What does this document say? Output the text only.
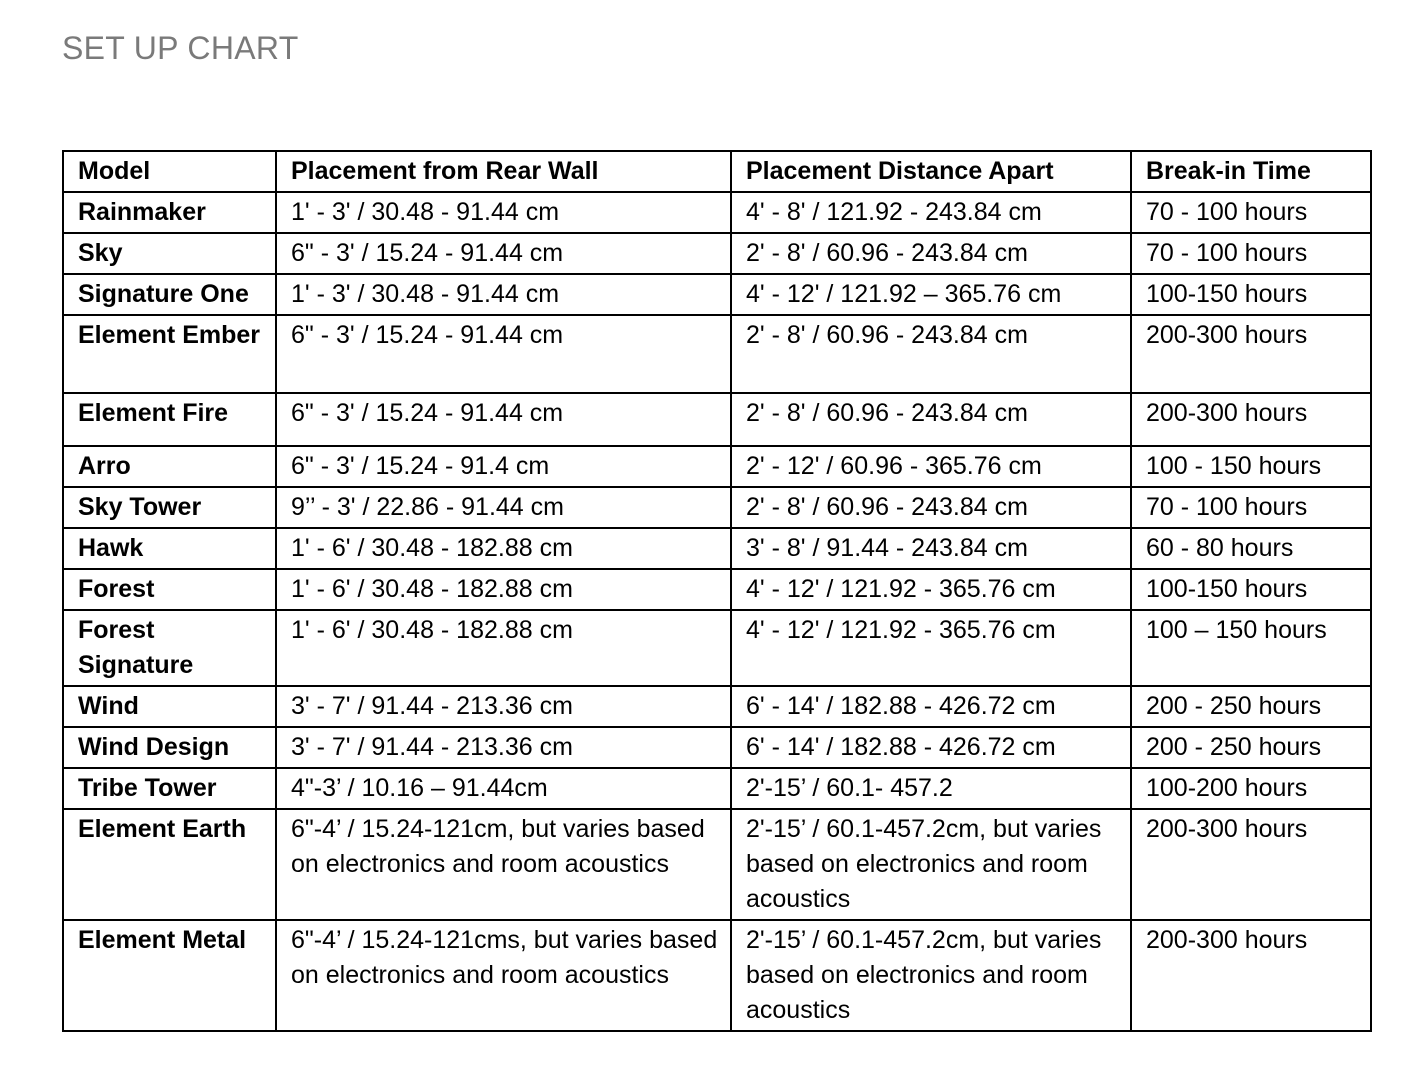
SET UP CHART
Model	Placement from Rear Wall	Placement Distance Apart	Break-in Time
Rainmaker	1' - 3' / 30.48 - 91.44 cm	4' - 8' / 121.92 - 243.84 cm	70 - 100 hours
Sky	6" - 3' / 15.24 - 91.44 cm	2' - 8' / 60.96 - 243.84 cm	70 - 100 hours
Signature One	1' - 3' / 30.48 - 91.44 cm	4' - 12' / 121.92 – 365.76 cm	100-150 hours
Element Ember	6" - 3' / 15.24 - 91.44 cm	2' - 8' / 60.96 - 243.84 cm	200-300 hours
Element Fire	6" - 3' / 15.24 - 91.44 cm	2' - 8' / 60.96 - 243.84 cm	200-300 hours
Arro	6" - 3' / 15.24 - 91.4 cm	2' - 12' / 60.96 - 365.76 cm	100 - 150 hours
Sky Tower	9’’ - 3' / 22.86 - 91.44 cm	2' - 8' / 60.96 - 243.84 cm	70 - 100 hours
Hawk	1' - 6' / 30.48 - 182.88 cm	3' - 8' / 91.44 - 243.84 cm	60 - 80 hours
Forest	1' - 6' / 30.48 - 182.88 cm	4' - 12' / 121.92 - 365.76 cm	100-150 hours
Forest Signature	1' - 6' / 30.48 - 182.88 cm	4' - 12' / 121.92 - 365.76 cm	100 – 150 hours
Wind	3' - 7' / 91.44 - 213.36 cm	6' - 14' / 182.88 - 426.72 cm	200 - 250 hours
Wind Design	3' - 7' / 91.44 - 213.36 cm	6' - 14' / 182.88 - 426.72 cm	200 - 250 hours
Tribe Tower	4"-3’ / 10.16 – 91.44cm	2'-15’ / 60.1- 457.2	100-200 hours
Element Earth	6"-4’ / 15.24-121cm, but varies based on electronics and room acoustics	2'-15’ / 60.1-457.2cm, but varies based on electronics and room acoustics	200-300 hours
Element Metal	6"-4’ / 15.24-121cms, but varies based on electronics and room acoustics	2'-15’ / 60.1-457.2cm, but varies based on electronics and room acoustics	200-300 hours
